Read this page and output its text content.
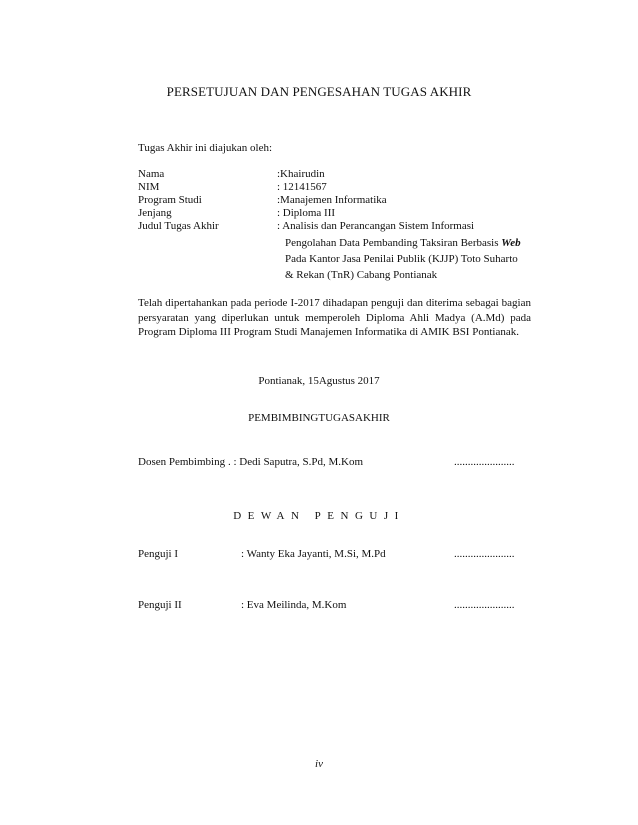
PERSETUJUAN DAN PENGESAHAN TUGAS AKHIR
Tugas Akhir ini diajukan oleh:
Nama	:Khairudin
NIM	: 12141567
Program Studi	:Manajemen Informatika
Jenjang	: Diploma III
Judul Tugas Akhir	: Analisis dan Perancangan Sistem Informasi
Pengolahan Data Pembanding Taksiran Berbasis Web
Pada Kantor Jasa Penilai Publik (KJJP) Toto Suharto
& Rekan (TnR) Cabang Pontianak
Telah dipertahankan pada periode I-2017 dihadapan penguji dan diterima sebagai bagian persyaratan yang diperlukan untuk memperoleh Diploma Ahli Madya (A.Md) pada Program Diploma III Program Studi Manajemen Informatika di AMIK BSI Pontianak.
Pontianak, 15Agustus 2017
PEMBIMBINGTUGASAKHIR
Dosen Pembimbing . : Dedi Saputra, S.Pd, M.Kom	......................
DEWAN PENGUJI
Penguji I	: Wanty Eka Jayanti, M.Si, M.Pd	......................
Penguji II	: Eva Meilinda, M.Kom	......................
iv
